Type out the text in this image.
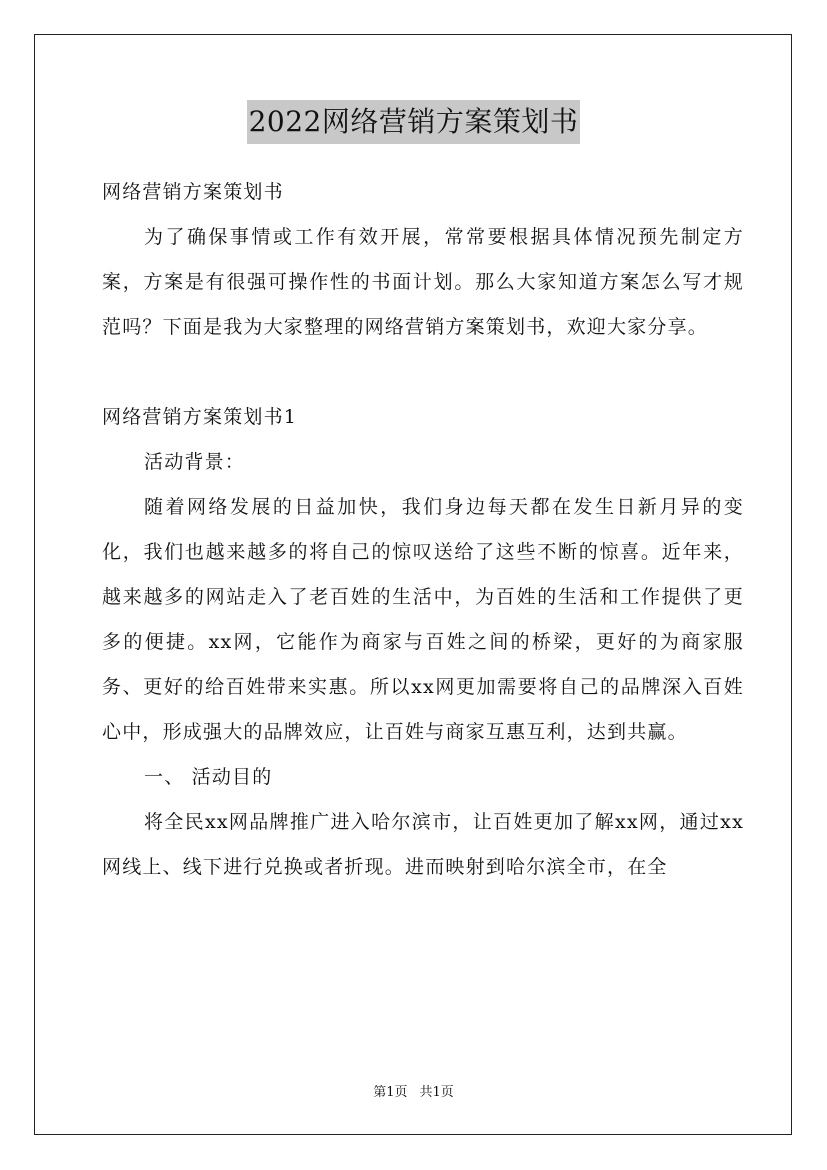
2022网络营销方案策划书

网络营销方案策划书

为了确保事情或工作有效开展，常常要根据具体情况预先制定方案，方案是有很强可操作性的书面计划。那么大家知道方案怎么写才规范吗？下面是我为大家整理的网络营销方案策划书，欢迎大家分享。

网络营销方案策划书1

活动背景：

随着网络发展的日益加快，我们身边每天都在发生日新月异的变化，我们也越来越多的将自己的惊叹送给了这些不断的惊喜。近年来，越来越多的网站走入了老百姓的生活中，为百姓的生活和工作提供了更多的便捷。xx网，它能作为商家与百姓之间的桥梁，更好的为商家服务、更好的给百姓带来实惠。所以xx网更加需要将自己的品牌深入百姓心中，形成强大的品牌效应，让百姓与商家互惠互利，达到共赢。

一、 活动目的

将全民xx网品牌推广进入哈尔滨市，让百姓更加了解xx网，通过xx网线上、线下进行兑换或者折现。进而映射到哈尔滨全市，在全

第1页 共1页
